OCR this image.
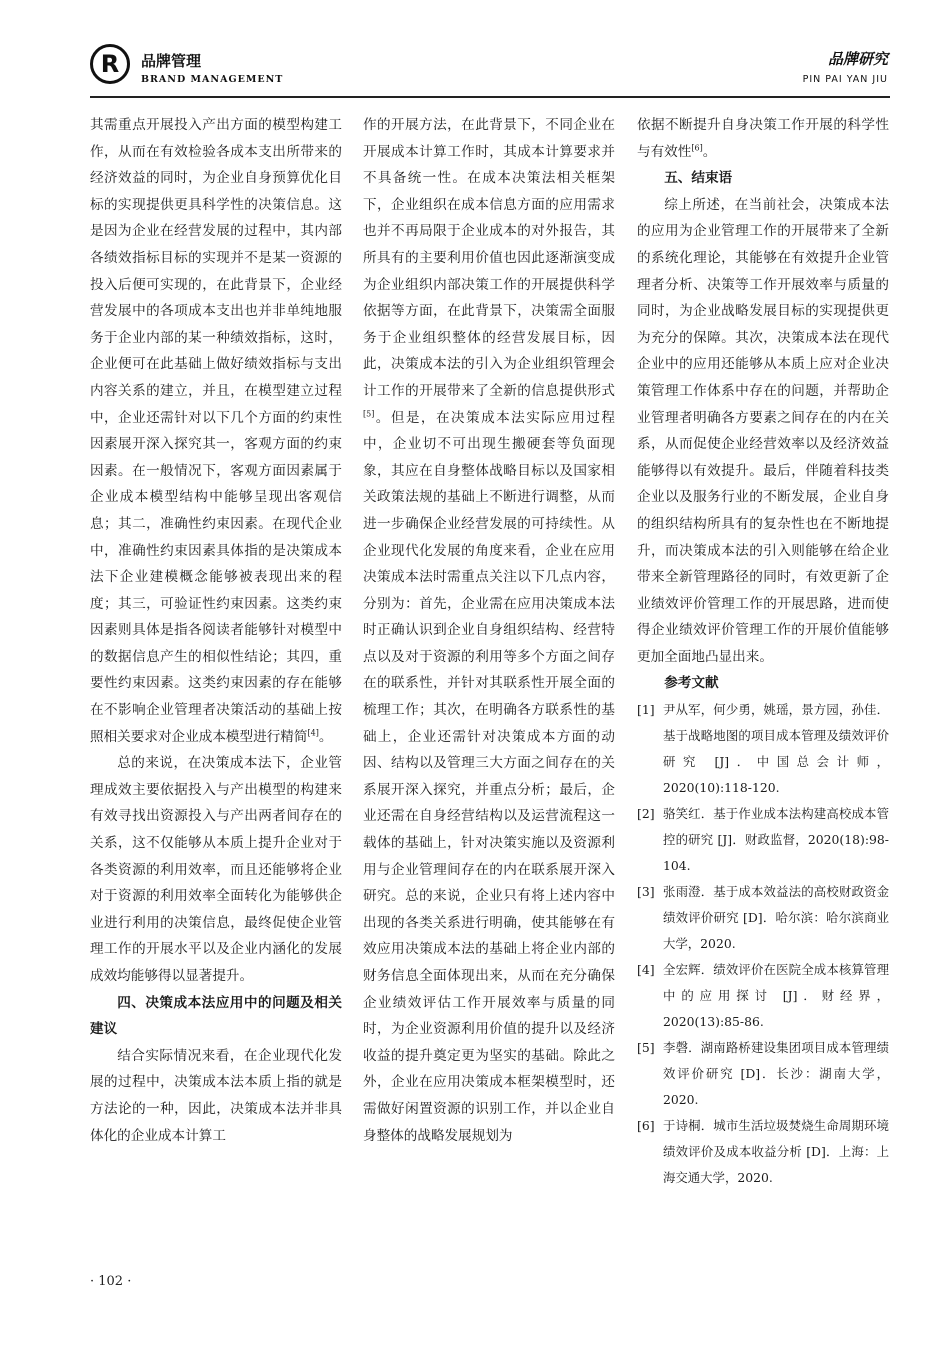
R	品牌管理
BRAND MANAGEMENT
品牌研究
PIN PAI YAN JIU

其需重点开展投入产出方面的模型构建工作，从而在有效检验各成本支出所带来的经济效益的同时，为企业自身预算优化目标的实现提供更具科学性的决策信息。这是因为企业在经营发展的过程中，其内部各绩效指标目标的实现并不是某一资源的投入后便可实现的，在此背景下，企业经营发展中的各项成本支出也并非单纯地服务于企业内部的某一种绩效指标，这时，企业便可在此基础上做好绩效指标与支出内容关系的建立，并且，在模型建立过程中，企业还需针对以下几个方面的约束性因素展开深入探究其一，客观方面的约束因素。在一般情况下，客观方面因素属于企业成本模型结构中能够呈现出客观信息；其二，准确性约束因素。在现代企业中，准确性约束因素具体指的是决策成本法下企业建模概念能够被表现出来的程度；其三，可验证性约束因素。这类约束因素则具体是指各阅读者能够针对模型中的数据信息产生的相似性结论；其四，重要性约束因素。这类约束因素的存在能够在不影响企业管理者决策活动的基础上按照相关要求对企业成本模型进行精简[4]。

总的来说，在决策成本法下，企业管理成效主要依据投入与产出模型的构建来有效寻找出资源投入与产出两者间存在的关系，这不仅能够从本质上提升企业对于各类资源的利用效率，而且还能够将企业对于资源的利用效率全面转化为能够供企业进行利用的决策信息，最终促使企业管理工作的开展水平以及企业内涵化的发展成效均能够得以显著提升。

四、决策成本法应用中的问题及相关建议

结合实际情况来看，在企业现代化发展的过程中，决策成本法本质上指的就是方法论的一种，因此，决策成本法并非具体化的企业成本计算工

作的开展方法，在此背景下，不同企业在开展成本计算工作时，其成本计算要求并不具备统一性。在成本决策法相关框架下，企业组织在成本信息方面的应用需求也并不再局限于企业成本的对外报告，其所具有的主要利用价值也因此逐渐演变成为企业组织内部决策工作的开展提供科学依据等方面，在此背景下，决策需全面服务于企业组织整体的经营发展目标，因此，决策成本法的引入为企业组织管理会计工作的开展带来了全新的信息提供形式[5]。但是，在决策成本法实际应用过程中，企业切不可出现生搬硬套等负面现象，其应在自身整体战略目标以及国家相关政策法规的基础上不断进行调整，从而进一步确保企业经营发展的可持续性。从企业现代化发展的角度来看，企业在应用决策成本法时需重点关注以下几点内容，分别为：首先，企业需在应用决策成本法时正确认识到企业自身组织结构、经营特点以及对于资源的利用等多个方面之间存在的联系性，并针对其联系性开展全面的梳理工作；其次，在明确各方联系性的基础上，企业还需针对决策成本方面的动因、结构以及管理三大方面之间存在的关系展开深入探究，并重点分析；最后，企业还需在自身经营结构以及运营流程这一载体的基础上，针对决策实施以及资源利用与企业管理间存在的内在联系展开深入研究。总的来说，企业只有将上述内容中出现的各类关系进行明确，使其能够在有效应用决策成本法的基础上将企业内部的财务信息全面体现出来，从而在充分确保企业绩效评估工作开展效率与质量的同时，为企业资源利用价值的提升以及经济收益的提升奠定更为坚实的基础。除此之外，企业在应用决策成本框架模型时，还需做好闲置资源的识别工作，并以企业自身整体的战略发展规划为

依据不断提升自身决策工作开展的科学性与有效性[6]。

五、结束语

综上所述，在当前社会，决策成本法的应用为企业管理工作的开展带来了全新的系统化理论，其能够在有效提升企业管理者分析、决策等工作开展效率与质量的同时，为企业战略发展目标的实现提供更为充分的保障。其次，决策成本法在现代企业中的应用还能够从本质上应对企业决策管理工作体系中存在的问题，并帮助企业管理者明确各方要素之间存在的内在关系，从而促使企业经营效率以及经济效益能够得以有效提升。最后，伴随着科技类企业以及服务行业的不断发展，企业自身的组织结构所具有的复杂性也在不断地提升，而决策成本法的引入则能够在给企业带来全新管理路径的同时，有效更新了企业绩效评价管理工作的开展思路，进而使得企业绩效评价管理工作的开展价值能够更加全面地凸显出来。

参考文献

[1] 尹从军，何少勇，姚瑶，景方园，孙佳．基于战略地图的项目成本管理及绩效评价研究 [J]．中国总会计师，2020(10):118-120.
[2] 骆笑红．基于作业成本法构建高校成本管控的研究 [J]．财政监督，2020(18):98-104.
[3] 张雨澄．基于成本效益法的高校财政资金绩效评价研究 [D]．哈尔滨：哈尔滨商业大学，2020.
[4] 全宏辉．绩效评价在医院全成本核算管理中的应用探讨 [J]．财经界，2020(13):85-86.
[5] 李磬．湖南路桥建设集团项目成本管理绩效评价研究 [D]．长沙：湖南大学，2020.
[6] 于诗桐．城市生活垃圾焚烧生命周期环境绩效评价及成本收益分析 [D]．上海：上海交通大学，2020.
· 102 ·
